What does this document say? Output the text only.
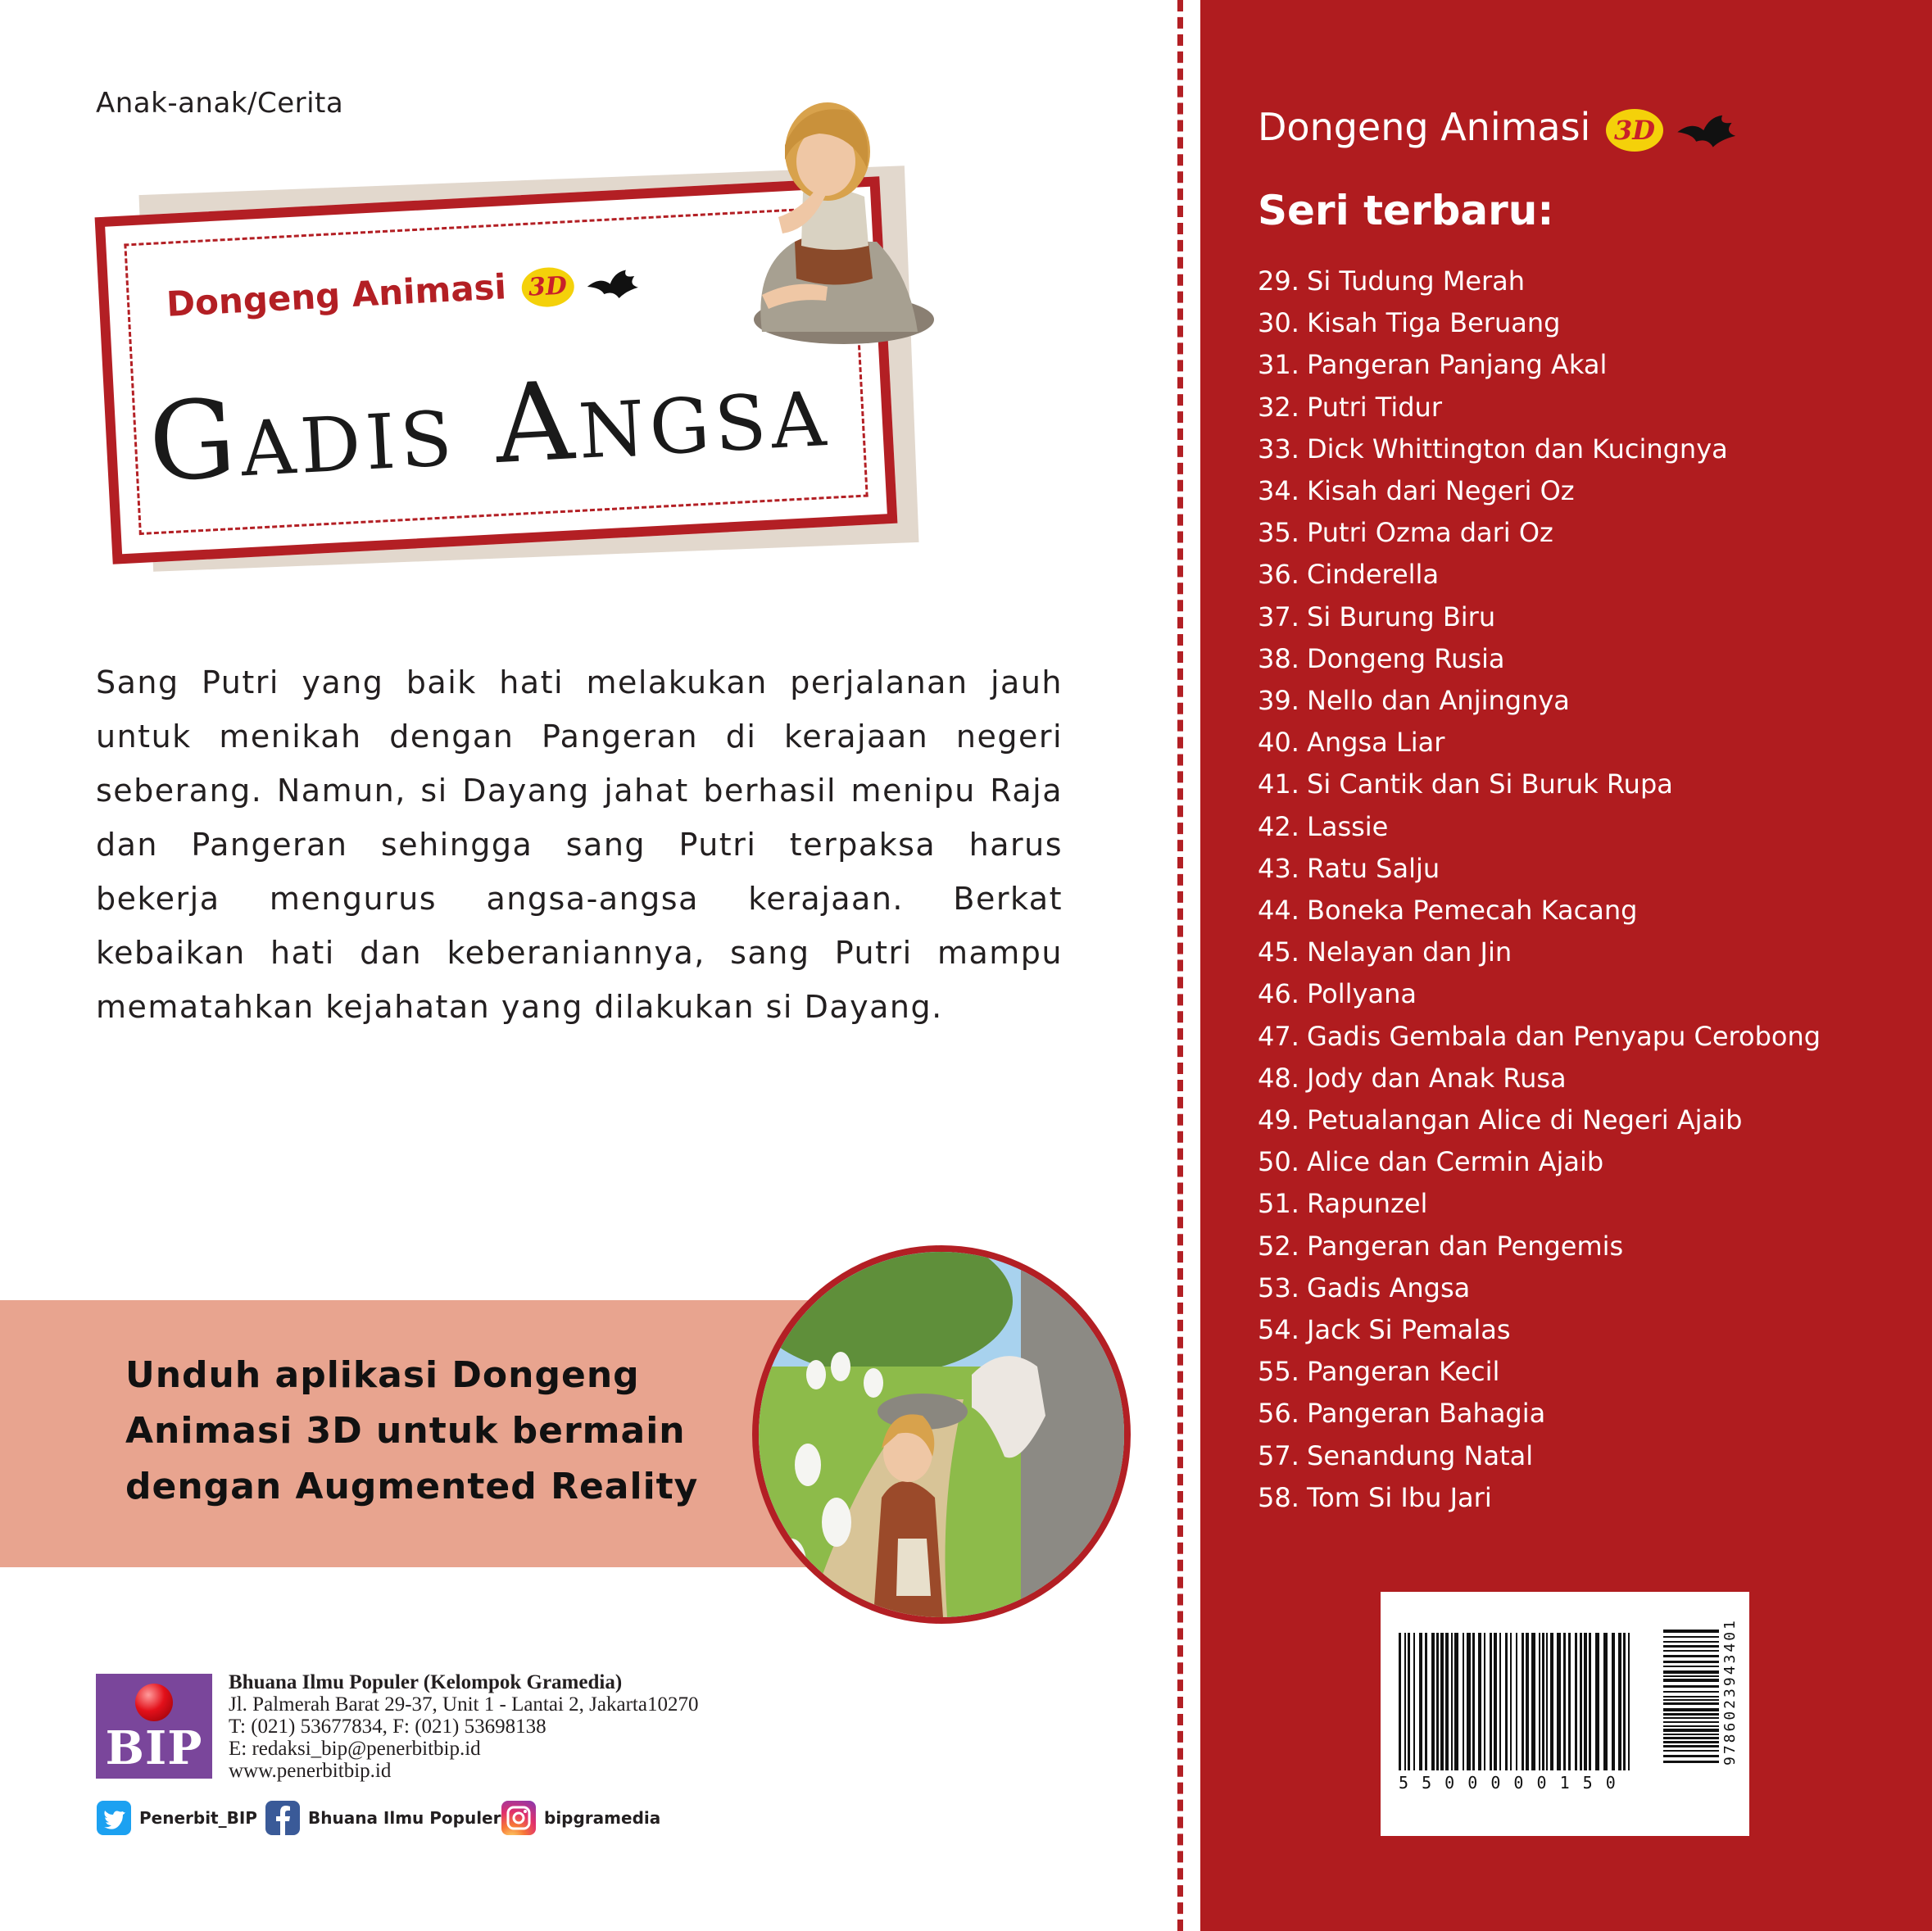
Anak-anak/Cerita
Dongeng Animasi 3D
Gadis Angsa
Sang Putri yang baik hati melakukan perjalanan jauh untuk menikah dengan Pangeran di kerajaan negeri seberang. Namun, si Dayang jahat berhasil menipu Raja dan Pangeran sehingga sang Putri terpaksa harus bekerja mengurus angsa-angsa kerajaan. Berkat kebaikan hati dan keberaniannya, sang Putri mampu mematahkan kejahatan yang dilakukan si Dayang.
Unduh aplikasi Dongeng Animasi 3D untuk bermain dengan Augmented Reality
BIP
Bhuana Ilmu Populer (Kelompok Gramedia)
Jl. Palmerah Barat 29-37, Unit 1 - Lantai 2, Jakarta10270
T: (021) 53677834, F: (021) 53698138
E: redaksi_bip@penerbitbip.id
www.penerbitbip.id
Penerbit_BIP	Bhuana Ilmu Populer	bipgramedia
Dongeng Animasi 3D
Seri terbaru:
29. Si Tudung Merah
30. Kisah Tiga Beruang
31. Pangeran Panjang Akal
32. Putri Tidur
33. Dick Whittington dan Kucingnya
34. Kisah dari Negeri Oz
35. Putri Ozma dari Oz
36. Cinderella
37. Si Burung Biru
38. Dongeng Rusia
39. Nello dan Anjingnya
40. Angsa Liar
41. Si Cantik dan Si Buruk Rupa
42. Lassie
43. Ratu Salju
44. Boneka Pemecah Kacang
45. Nelayan dan Jin
46. Pollyana
47. Gadis Gembala dan Penyapu Cerobong
48. Jody dan Anak Rusa
49. Petualangan Alice di Negeri Ajaib
50. Alice dan Cermin Ajaib
51. Rapunzel
52. Pangeran dan Pengemis
53. Gadis Angsa
54. Jack Si Pemalas
55. Pangeran Kecil
56. Pangeran Bahagia
57. Senandung Natal
58. Tom Si Ibu Jari
5 5 0 0 0 0 0 1 5 0
9786023943401
